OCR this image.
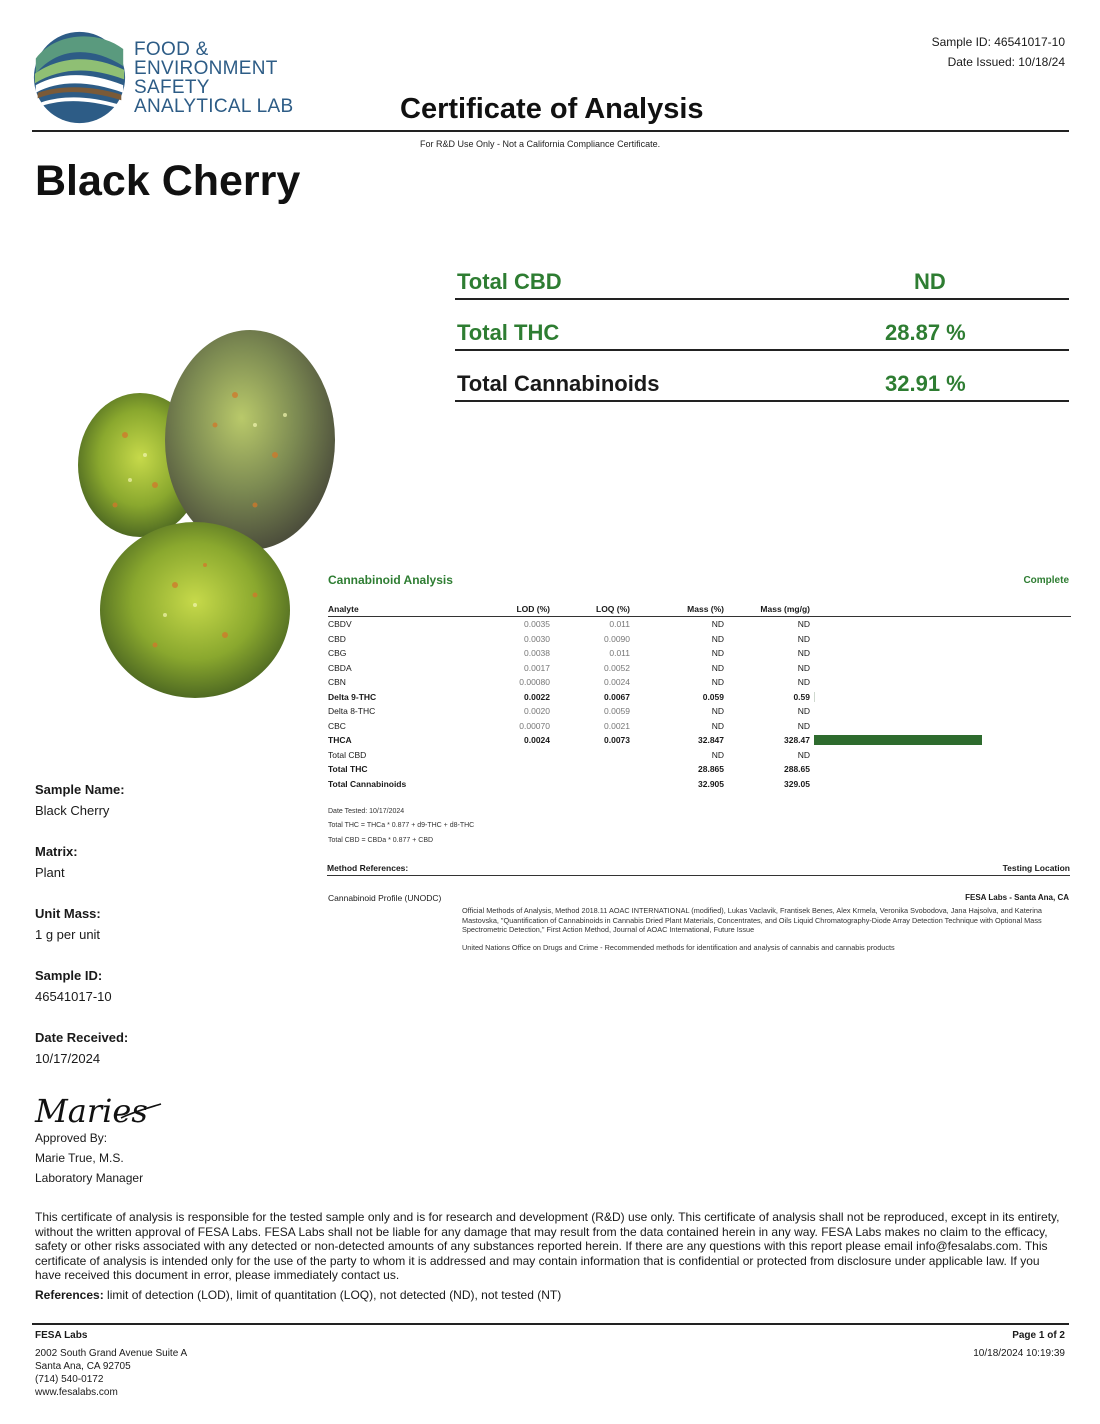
FOOD &
ENVIRONMENT
SAFETY
ANALYTICAL LAB
Sample ID: 46541017-10
Date Issued: 10/18/24
Certificate of Analysis
For R&D Use Only - Not a California Compliance Certificate.
Black Cherry
Total CBD	ND
Total THC	28.87 %
Total Cannabinoids	32.91 %
Sample Name:
Black Cherry
Matrix:
Plant
Unit Mass:
1 g per unit
Sample ID:
46541017-10
Date Received:
10/17/2024
Cannabinoid Analysis	Complete
Analyte	LOD (%)	LOQ (%)	Mass (%)	Mass (mg/g)	
CBDV	0.0035	0.011	ND	ND	
CBD	0.0030	0.0090	ND	ND	
CBG	0.0038	0.011	ND	ND	
CBDA	0.0017	0.0052	ND	ND	
CBN	0.00080	0.0024	ND	ND	
Delta 9-THC	0.0022	0.0067	0.059	0.59	

Delta 8-THC	0.0020	0.0059	ND	ND	
CBC	0.00070	0.0021	ND	ND	
THCA	0.0024	0.0073	32.847	328.47	

Total CBD			ND	ND	
Total THC			28.865	288.65	
Total Cannabinoids			32.905	329.05	
Date Tested: 10/17/2024
Total THC = THCa * 0.877 + d9-THC + d8-THC
Total CBD = CBDa * 0.877 + CBD
Method References:	Testing Location
Cannabinoid Profile (UNODC)	FESA Labs - Santa Ana, CA
Official Methods of Analysis, Method 2018.11 AOAC INTERNATIONAL (modified), Lukas Vaclavik, Frantisek Benes, Alex Krmela, Veronika Svobodova, Jana Hajsolva, and Katerina Mastovska, "Quantification of Cannabinoids in Cannabis Dried Plant Materials, Concentrates, and Oils Liquid Chromatography-Diode Array Detection Technique with Optional Mass Spectrometric Detection," First Action Method, Journal of AOAC International, Future Issue
United Nations Office on Drugs and Crime - Recommended methods for identification and analysis of cannabis and cannabis products
Maries
Approved By:
Marie True, M.S.
Laboratory Manager
This certificate of analysis is responsible for the tested sample only and is for research and development (R&D) use only. This certificate of analysis shall not be reproduced, except in its entirety, without the written approval of FESA Labs. FESA Labs shall not be liable for any damage that may result from the data contained herein in any way. FESA Labs makes no claim to the efficacy, safety or other risks associated with any detected or non-detected amounts of any substances reported herein. If there are any questions with this report please email info@fesalabs.com. This certificate of analysis is intended only for the use of the party to whom it is addressed and may contain information that is confidential or protected from disclosure under applicable law. If you have received this document in error, please immediately contact us.
References: limit of detection (LOD), limit of quantitation (LOQ), not detected (ND), not tested (NT)
FESA Labs
2002 South Grand Avenue Suite A
Santa Ana, CA 92705
(714) 540-0172
www.fesalabs.com
Page 1 of 2
10/18/2024 10:19:39
